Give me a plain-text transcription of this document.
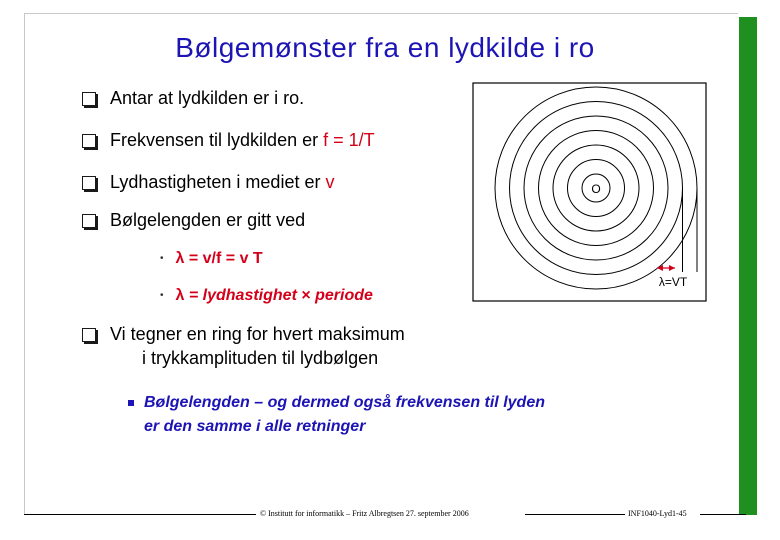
Bølgemønster fra en lydkilde i ro
Antar at lydkilden er i ro.
Frekvensen til lydkilden er f = 1/T
Lydhastigheten i mediet er v
Bølgelengden er gitt ved
• λ = v/f = v T
• λ = lydhastighet × periode
Vi tegner en ring for hvert maksimum
i trykkamplituden til lydbølgen
Bølgelengden – og dermed også frekvensen til lyden
er den samme i alle retninger
O
λ=VT
© Institutt for informatikk – Fritz Albregtsen 27. september 2006	INF1040-Lyd1-45
